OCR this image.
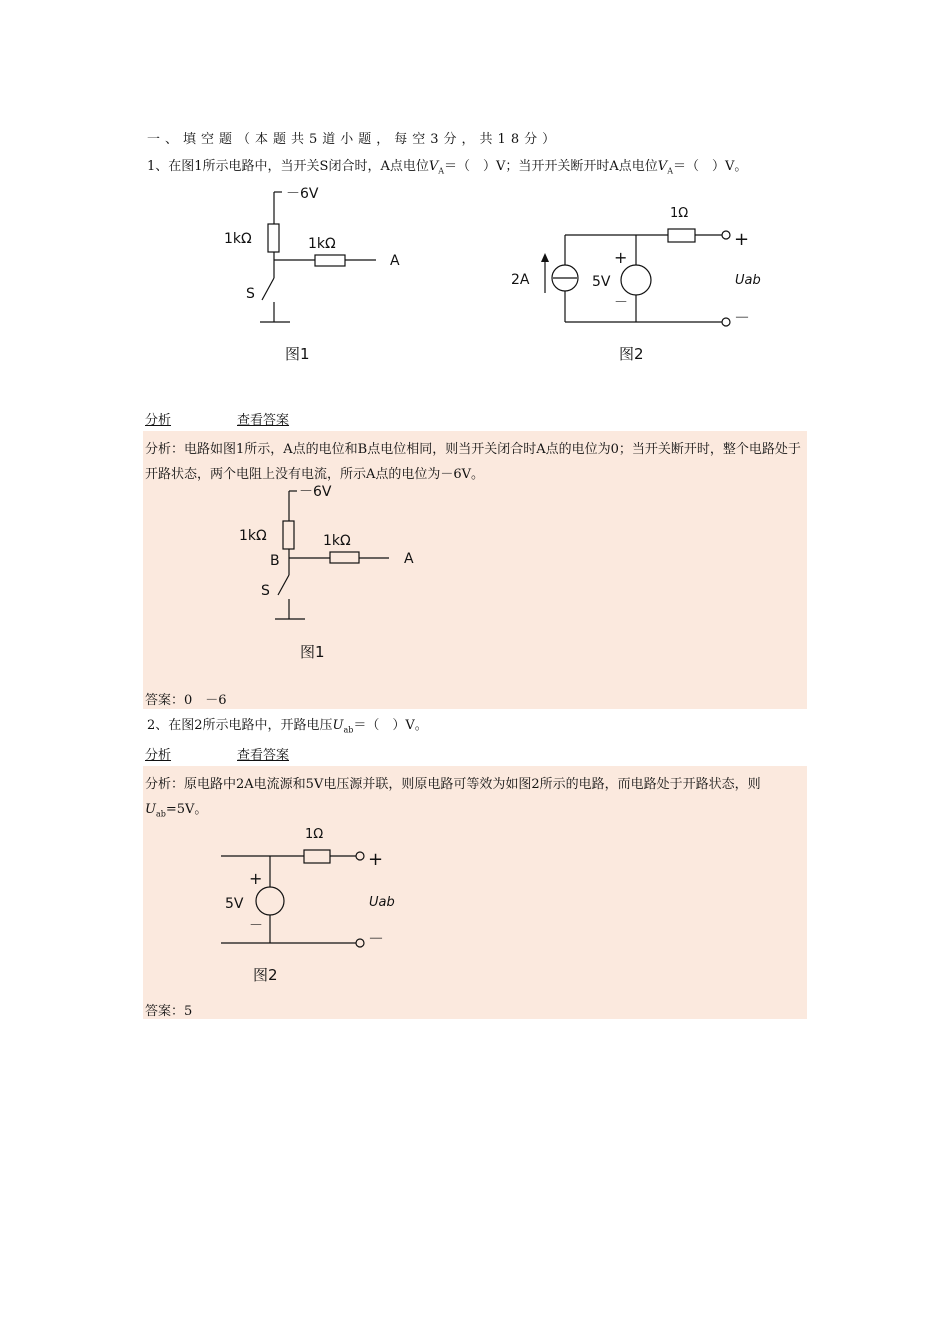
一、填空题（本题共5道小题，每空3分，共18分）
1、在图1所示电路中，当开关S闭合时，A点电位$V_A=$（　）V；当开开关断开时A点电位$V_A=$（　）V。
－6V
1kΩ	1kΩ
A
S
图1
2A
+
－
5V
1Ω
+
－
Uab
图2
分析	查看答案

分析：电路如图1所示，A点的电位和B点电位相同，则当开关闭合时A点的电位为0；当开关断开时，整个电路处于开路状态，两个电阻上没有电流，所示A点的电位为－6V。

－6V
1kΩ
B
1kΩ
A
S
图1
答案：0　－6
2、在图2所示电路中，开路电压$U_{ab}=$（　）V。
分析	查看答案

分析：原电路中2A电流源和5V电压源并联，则原电路可等效为如图2所示的电路，而电路处于开路状态，则$U_{ab}=5V$。

+
－
5V
1Ω
+
－
Uab
图2
答案：5
